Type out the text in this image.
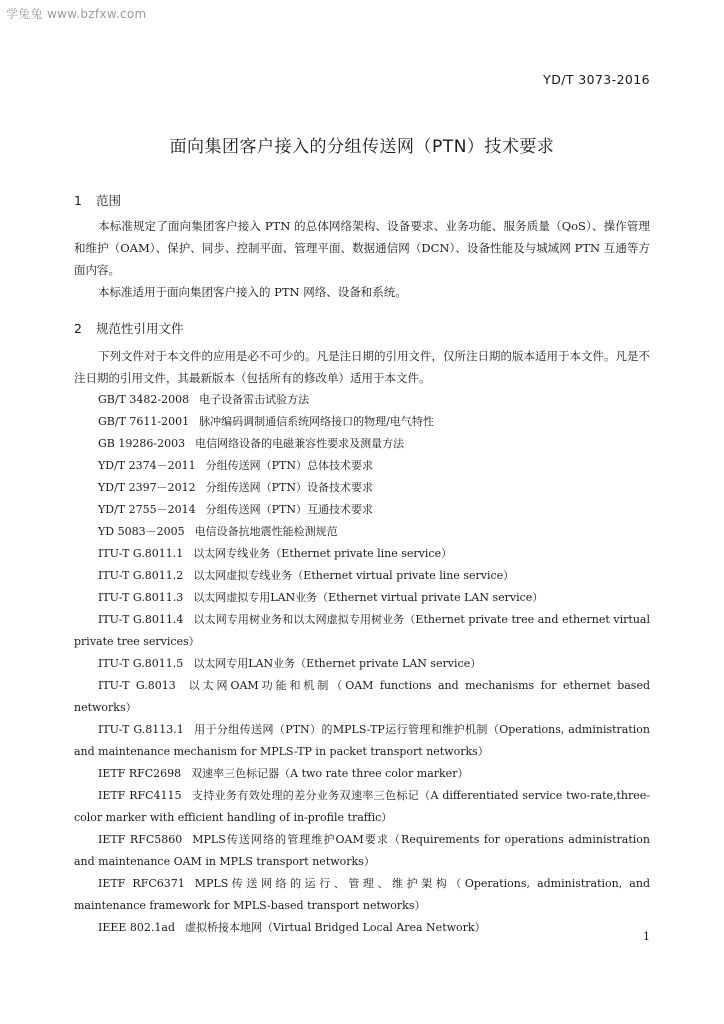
学兔兔 www.bzfxw.com
YD/T 3073-2016
面向集团客户接入的分组传送网（PTN）技术要求
1 范围
本标准规定了面向集团客户接入 PTN 的总体网络架构、设备要求、业务功能、服务质量（QoS）、操作管理和维护（OAM）、保护、同步、控制平面、管理平面、数据通信网（DCN）、设备性能及与城域网 PTN 互通等方面内容。
本标准适用于面向集团客户接入的 PTN 网络、设备和系统。
2 规范性引用文件
下列文件对于本文件的应用是必不可少的。凡是注日期的引用文件，仅所注日期的版本适用于本文件。凡是不注日期的引用文件，其最新版本（包括所有的修改单）适用于本文件。
GB/T 3482-2008 电子设备雷击试验方法
GB/T 7611-2001 脉冲编码调制通信系统网络接口的物理/电气特性
GB 19286-2003 电信网络设备的电磁兼容性要求及测量方法
YD/T 2374－2011 分组传送网（PTN）总体技术要求
YD/T 2397－2012 分组传送网（PTN）设备技术要求
YD/T 2755－2014 分组传送网（PTN）互通技术要求
YD 5083－2005 电信设备抗地震性能检测规范
ITU-T G.8011.1 以太网专线业务（Ethernet private line service）
ITU-T G.8011.2 以太网虚拟专线业务（Ethernet virtual private line service）
ITU-T G.8011.3 以太网虚拟专用LAN业务（Ethernet virtual private LAN service）
ITU-T G.8011.4 以太网专用树业务和以太网虚拟专用树业务（Ethernet private tree and ethernet virtual private tree services）
ITU-T G.8011.5 以太网专用LAN业务（Ethernet private LAN service）
ITU-T G.8013 以太网OAM功能和机制（OAM functions and mechanisms for ethernet based networks）
ITU-T G.8113.1 用于分组传送网（PTN）的MPLS-TP运行管理和维护机制（Operations, administration and maintenance mechanism for MPLS-TP in packet transport networks）
IETF RFC2698 双速率三色标记器（A two rate three color marker）
IETF RFC4115 支持业务有效处理的差分业务双速率三色标记（A differentiated service two-rate,three-color marker with efficient handling of in-profile traffic）
IETF RFC5860 MPLS传送网络的管理维护OAM要求（Requirements for operations administration and maintenance OAM in MPLS transport networks）
IETF RFC6371 MPLS传送网络的运行、管理、维护架构（Operations, administration, and maintenance framework for MPLS-based transport networks）
IEEE 802.1ad 虚拟桥接本地网（Virtual Bridged Local Area Network）
1
